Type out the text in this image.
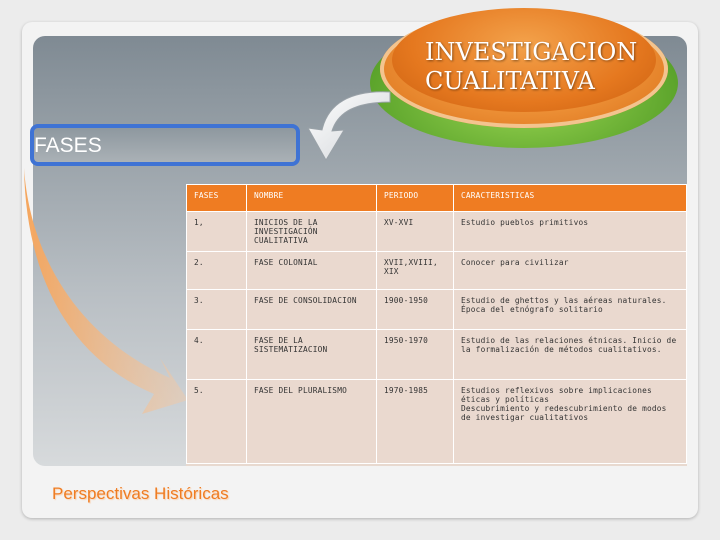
INVESTIGACION
CUALITATIVA
FASES
FASES	NOMBRE	PERIODO	CARACTERISTICAS
1,	INICIOS DE LA INVESTIGACIÓN CUALITATIVA	XV-XVI	Estudio pueblos primitivos
2.	FASE COLONIAL	XVII,XVIII, XIX	Conocer para civilizar
3.	FASE DE CONSOLIDACION	1900-1950	Estudio de ghettos y las aéreas naturales. Época del etnógrafo solitario
4.	FASE DE LA SISTEMATIZACION	1950-1970	Estudio de las relaciones étnicas. Inicio de la formalización de métodos cualitativos.
5.	FASE DEL PLURALISMO	1970-1985	Estudios reflexivos sobre implicaciones éticas y políticas
Descubrimiento y redescubrimiento de modos de investigar cualitativos
Perspectivas Históricas
